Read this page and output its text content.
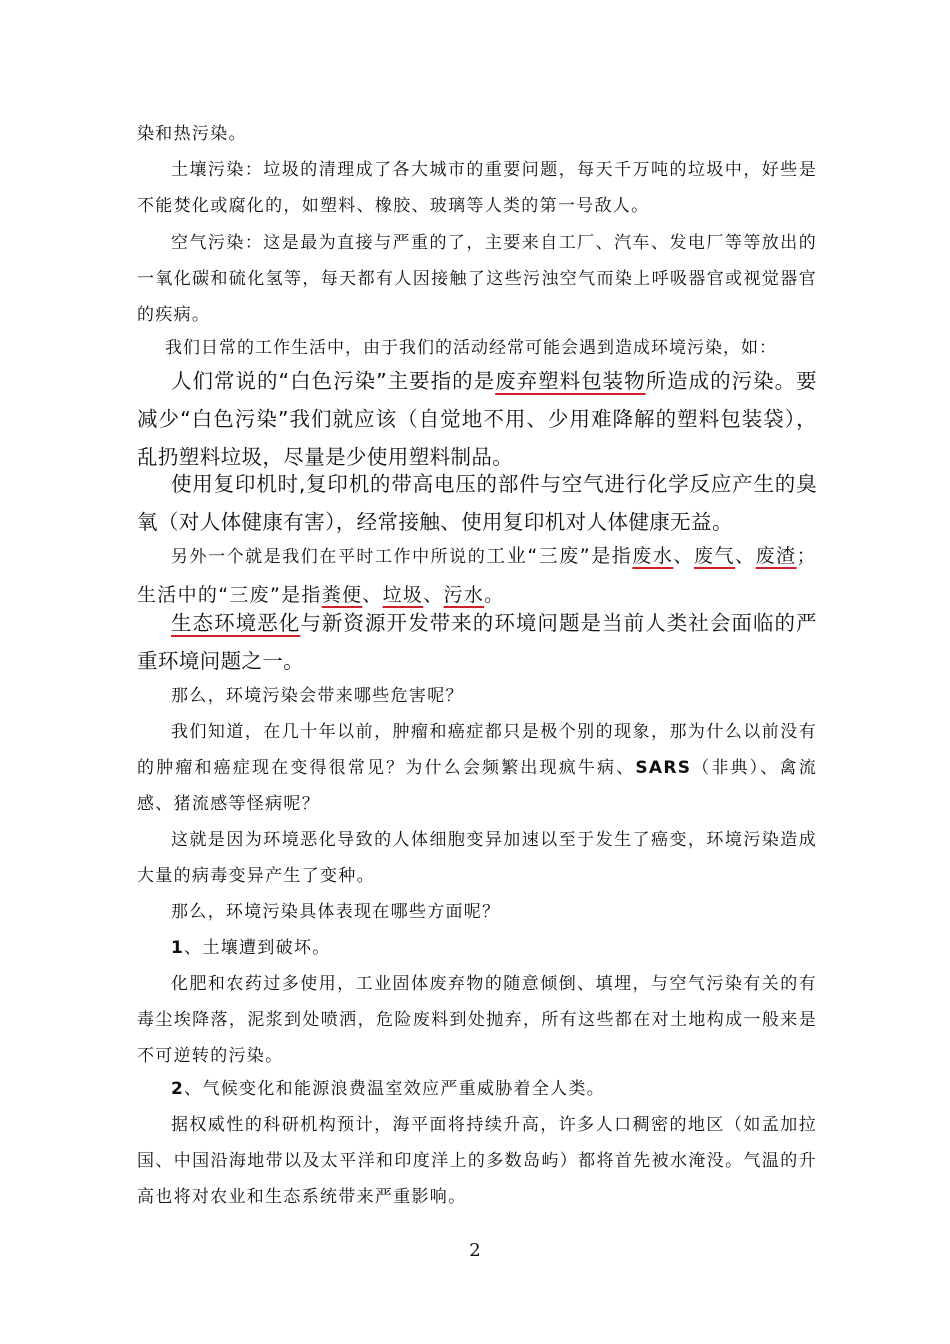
染和热污染。

土壤污染：垃圾的清理成了各大城市的重要问题，每天千万吨的垃圾中，好些是不能焚化或腐化的，如塑料、橡胶、玻璃等人类的第一号敌人。

空气污染：这是最为直接与严重的了，主要来自工厂、汽车、发电厂等等放出的一氧化碳和硫化氢等，每天都有人因接触了这些污浊空气而染上呼吸器官或视觉器官的疾病。

我们日常的工作生活中，由于我们的活动经常可能会遇到造成环境污染，如：

人们常说的“白色污染”主要指的是废弃塑料包装物所造成的污染。要减少“白色污染”我们就应该（自觉地不用、少用难降解的塑料包装袋），乱扔塑料垃圾，尽量是少使用塑料制品。

使用复印机时,复印机的带高电压的部件与空气进行化学反应产生的臭氧（对人体健康有害），经常接触、使用复印机对人体健康无益。

另外一个就是我们在平时工作中所说的工业“三废”是指废水、废气、废渣；生活中的“三废”是指粪便、垃圾、污水。

生态环境恶化与新资源开发带来的环境问题是当前人类社会面临的严重环境问题之一。

那么，环境污染会带来哪些危害呢？

我们知道，在几十年以前，肿瘤和癌症都只是极个别的现象，那为什么以前没有的肿瘤和癌症现在变得很常见？为什么会频繁出现疯牛病、SARS（非典）、禽流感、猪流感等怪病呢？

这就是因为环境恶化导致的人体细胞变异加速以至于发生了癌变，环境污染造成大量的病毒变异产生了变种。

那么，环境污染具体表现在哪些方面呢？

1、土壤遭到破坏。

化肥和农药过多使用，工业固体废弃物的随意倾倒、填埋，与空气污染有关的有毒尘埃降落，泥浆到处喷洒，危险废料到处抛弃，所有这些都在对土地构成一般来是不可逆转的污染。

2、气候变化和能源浪费温室效应严重威胁着全人类。

据权威性的科研机构预计，海平面将持续升高，许多人口稠密的地区（如孟加拉国、中国沿海地带以及太平洋和印度洋上的多数岛屿）都将首先被水淹没。气温的升高也将对农业和生态系统带来严重影响。

2
